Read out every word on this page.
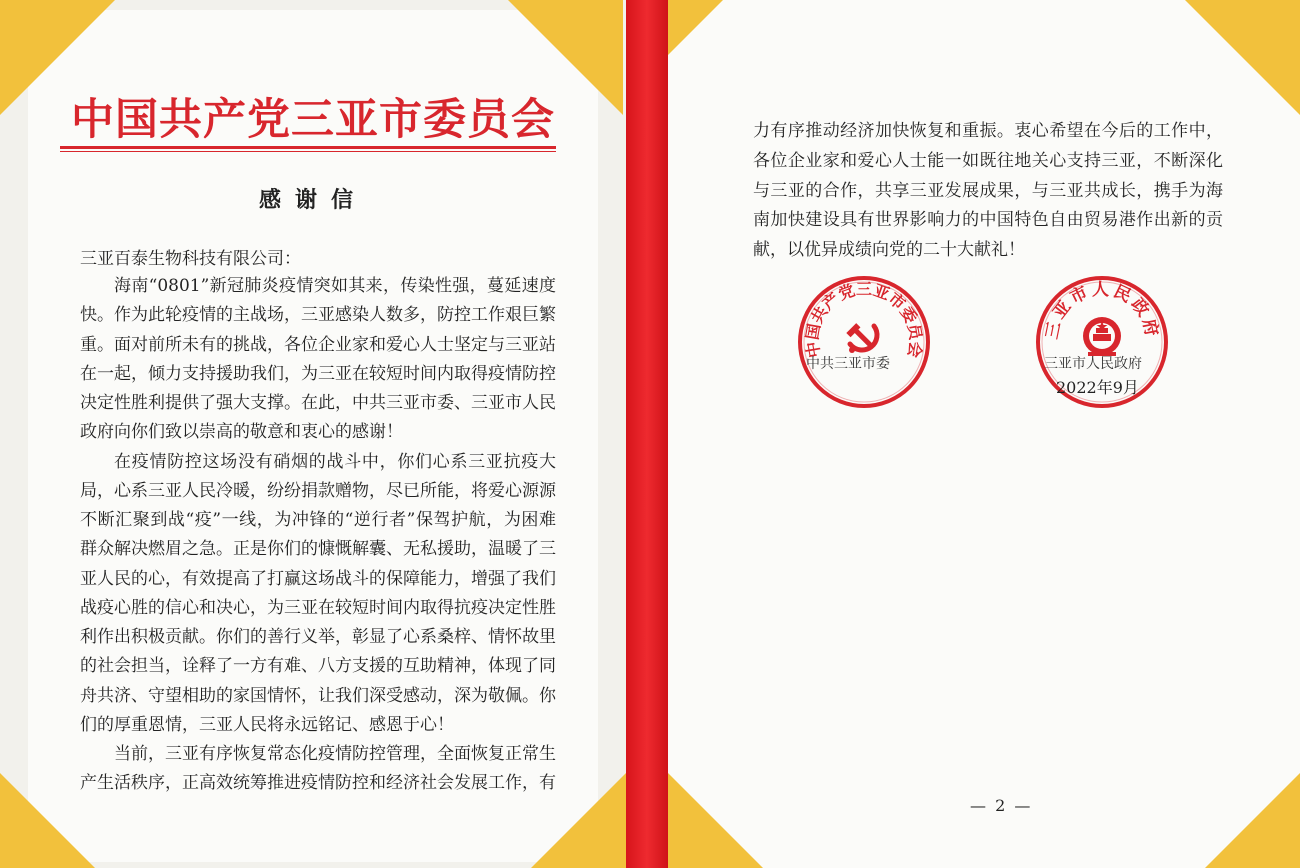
中国共产党三亚市委员会
感谢信
三亚百泰生物科技有限公司：

海南“0801”新冠肺炎疫情突如其来，传染性强，蔓延速度快。作为此轮疫情的主战场，三亚感染人数多，防控工作艰巨繁重。面对前所未有的挑战，各位企业家和爱心人士坚定与三亚站在一起，倾力支持援助我们，为三亚在较短时间内取得疫情防控决定性胜利提供了强大支撑。在此，中共三亚市委、三亚市人民政府向你们致以崇高的敬意和衷心的感谢！

在疫情防控这场没有硝烟的战斗中，你们心系三亚抗疫大局，心系三亚人民冷暖，纷纷捐款赠物，尽已所能，将爱心源源不断汇聚到战“疫”一线，为冲锋的“逆行者”保驾护航，为困难群众解决燃眉之急。正是你们的慷慨解囊、无私援助，温暖了三亚人民的心，有效提高了打赢这场战斗的保障能力，增强了我们战疫心胜的信心和决心，为三亚在较短时间内取得抗疫决定性胜利作出积极贡献。你们的善行义举，彰显了心系桑梓、情怀故里的社会担当，诠释了一方有难、八方支援的互助精神，体现了同舟共济、守望相助的家国情怀，让我们深受感动，深为敬佩。你们的厚重恩情，三亚人民将永远铭记、感恩于心！

当前，三亚有序恢复常态化疫情防控管理，全面恢复正常生产生活秩序，正高效统筹推进疫情防控和经济社会发展工作，有

力有序推动经济加快恢复和重振。衷心希望在今后的工作中，各位企业家和爱心人士能一如既往地关心支持三亚，不断深化与三亚的合作，共享三亚发展成果，与三亚共成长，携手为海南加快建设具有世界影响力的中国特色自由贸易港作出新的贡献，以优异成绩向党的二十大献礼！
中国共产党三亚市委员会
中共三亚市委
三亚市人民政府
三亚市人民政府
2022年9月
— 2 —
